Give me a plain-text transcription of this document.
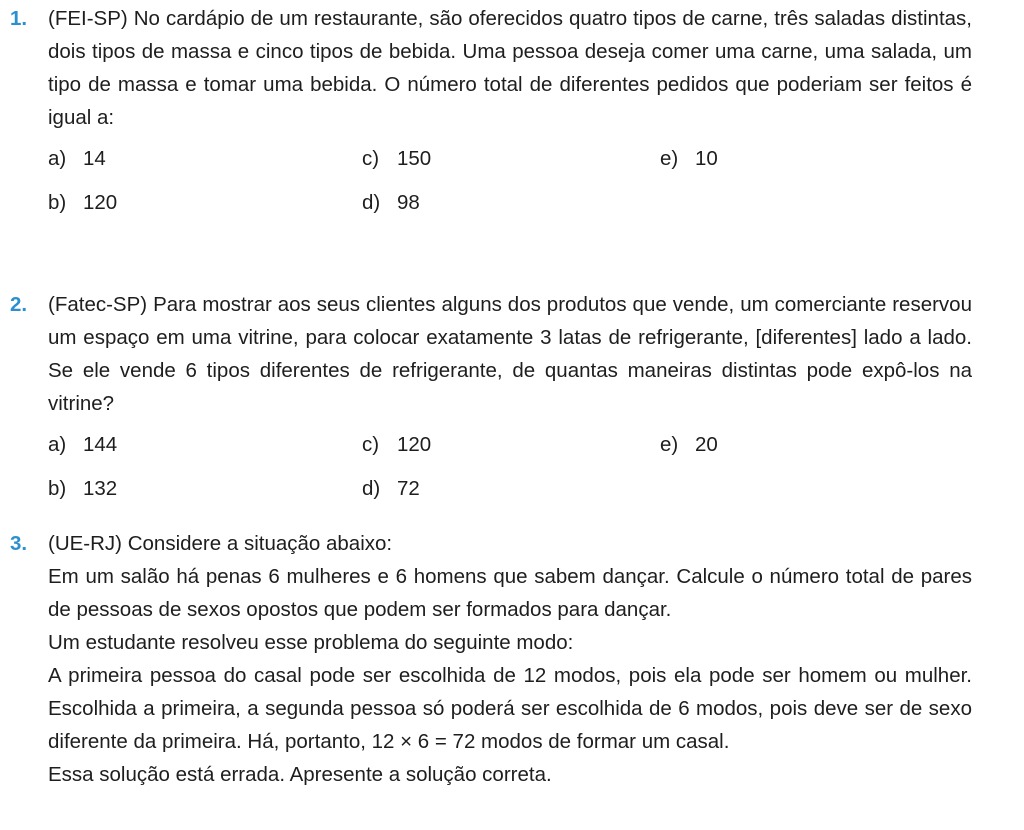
1.	(FEI-SP) No cardápio de um restaurante, são oferecidos quatro tipos de carne, três saladas distintas, dois tipos de massa e cinco tipos de bebida. Uma pessoa deseja comer uma carne, uma salada, um tipo de massa e tomar uma bebida. O número total de diferentes pedidos que poderiam ser feitos é igual a:

a) 14	c) 150	e) 10
b) 120	d) 98
2.	(Fatec-SP) Para mostrar aos seus clientes alguns dos produtos que vende, um comerciante reservou um espaço em uma vitrine, para colocar exatamente 3 latas de refrigerante, [diferentes] lado a lado. Se ele vende 6 tipos diferentes de refrigerante, de quantas maneiras distintas pode expô-los na vitrine?

a) 144	c) 120	e) 20
b) 132	d) 72
3.	(UE-RJ) Considere a situação abaixo:

Em um salão há penas 6 mulheres e 6 homens que sabem dançar. Calcule o número total de pares de pessoas de sexos opostos que podem ser formados para dançar.

Um estudante resolveu esse problema do seguinte modo:

A primeira pessoa do casal pode ser escolhida de 12 modos, pois ela pode ser homem ou mulher. Escolhida a primeira, a segunda pessoa só poderá ser escolhida de 6 modos, pois deve ser de sexo diferente da primeira. Há, portanto, 12 × 6 = 72 modos de formar um casal.

Essa solução está errada. Apresente a solução correta.
